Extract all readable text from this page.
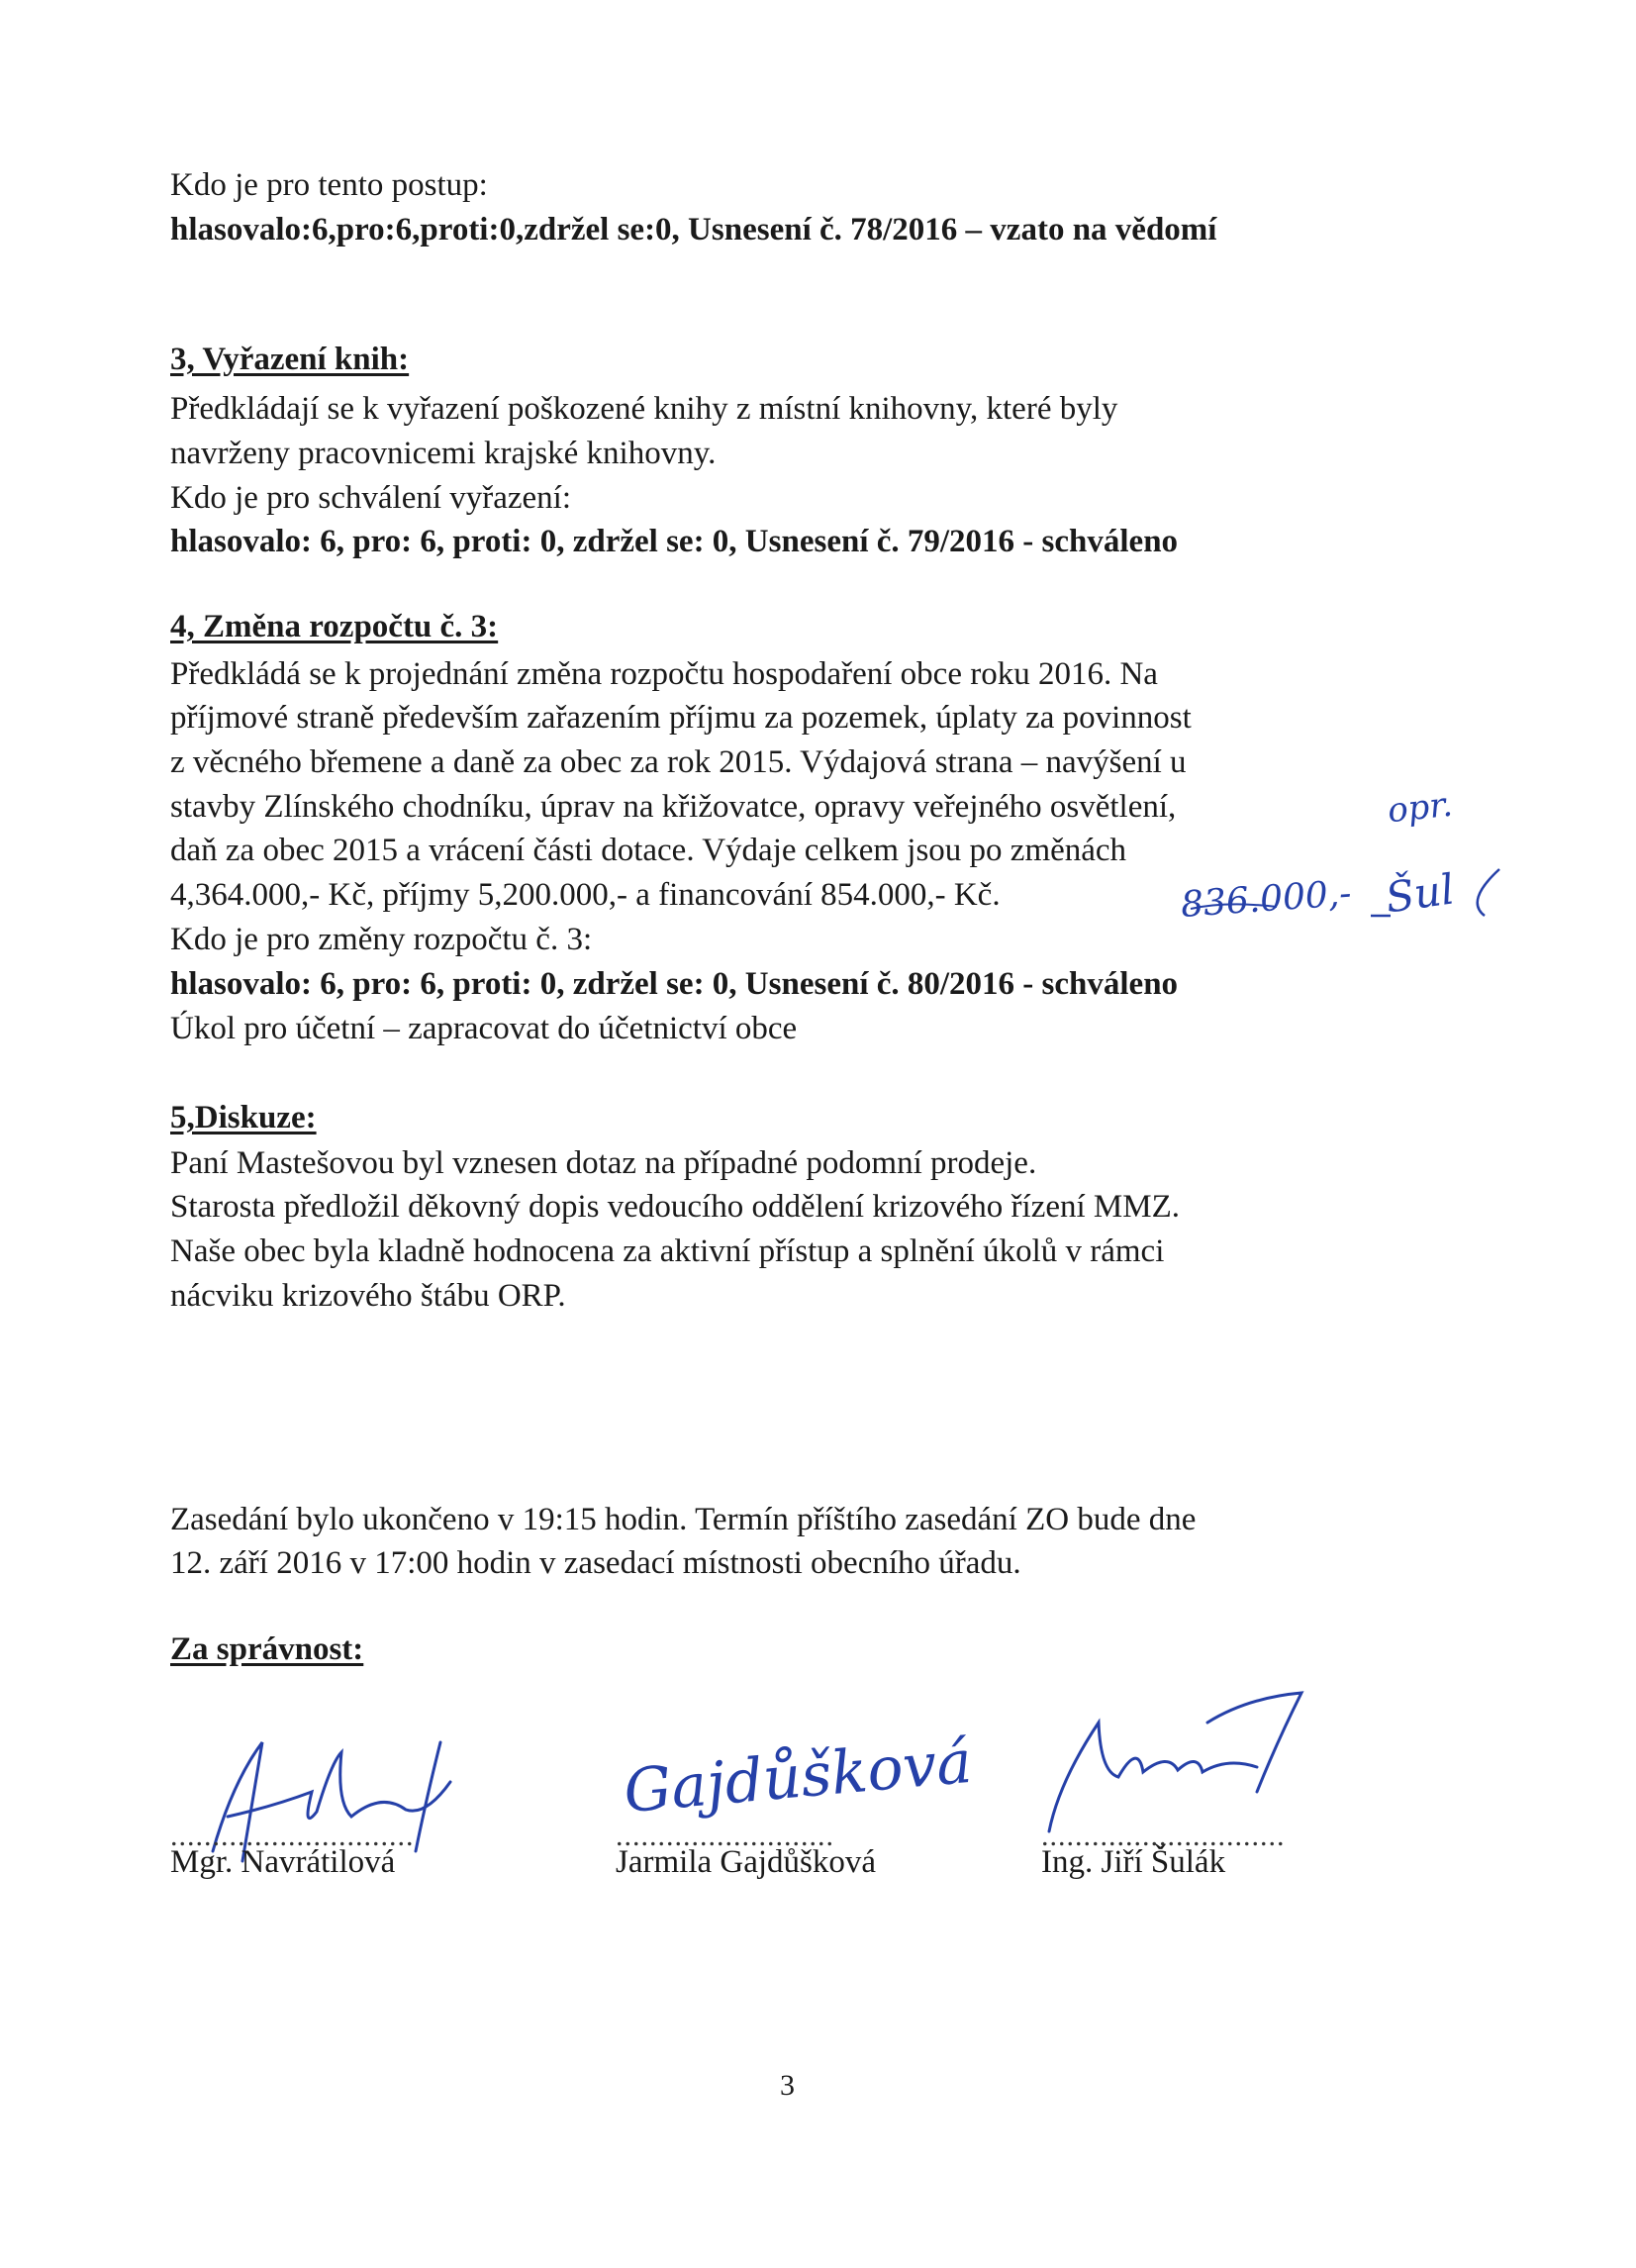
Kdo je pro tento postup:
hlasovalo:6,pro:6,proti:0,zdržel se:0, Usnesení č. 78/2016 – vzato na vědomí
3, Vyřazení knih:
Předkládají se k vyřazení poškozené knihy z místní knihovny, které byly
navrženy pracovnicemi krajské knihovny.
Kdo je pro schválení vyřazení:
hlasovalo: 6, pro: 6, proti: 0, zdržel se: 0, Usnesení č. 79/2016 - schváleno
4, Změna rozpočtu č. 3:
Předkládá se k projednání změna rozpočtu hospodaření obce roku 2016. Na
příjmové straně především zařazením příjmu za pozemek, úplaty za povinnost
z věcného břemene a daně za obec za rok 2015. Výdajová strana – navýšení u
stavby Zlínského chodníku, úprav na křižovatce, opravy veřejného osvětlení,
daň za obec 2015 a vrácení části dotace. Výdaje celkem jsou po změnách
4,364.000,- Kč, příjmy 5,200.000,- a financování 854.000,- Kč.
Kdo je pro změny rozpočtu č. 3:
hlasovalo: 6, pro: 6, proti: 0, zdržel se: 0, Usnesení č. 80/2016 - schváleno
Úkol pro účetní – zapracovat do účetnictví obce
opr.
836.000,- Šul
5,Diskuze:
Paní Mastešovou byl vznesen dotaz na případné podomní prodeje.
Starosta předložil děkovný dopis vedoucího oddělení krizového řízení MMZ.
Naše obec byla kladně hodnocena za aktivní přístup a splnění úkolů v rámci
nácviku krizového štábu ORP.
Zasedání bylo ukončeno v 19:15 hodin. Termín příštího zasedání ZO bude dne
12. září 2016 v 17:00 hodin v zasedací místnosti obecního úřadu.
Za správnost:
Gajdůšková
.............................	..........................	.............................
Mgr. Navrátilová	Jarmila Gajdůšková	Ing. Jiří Šulák
3
